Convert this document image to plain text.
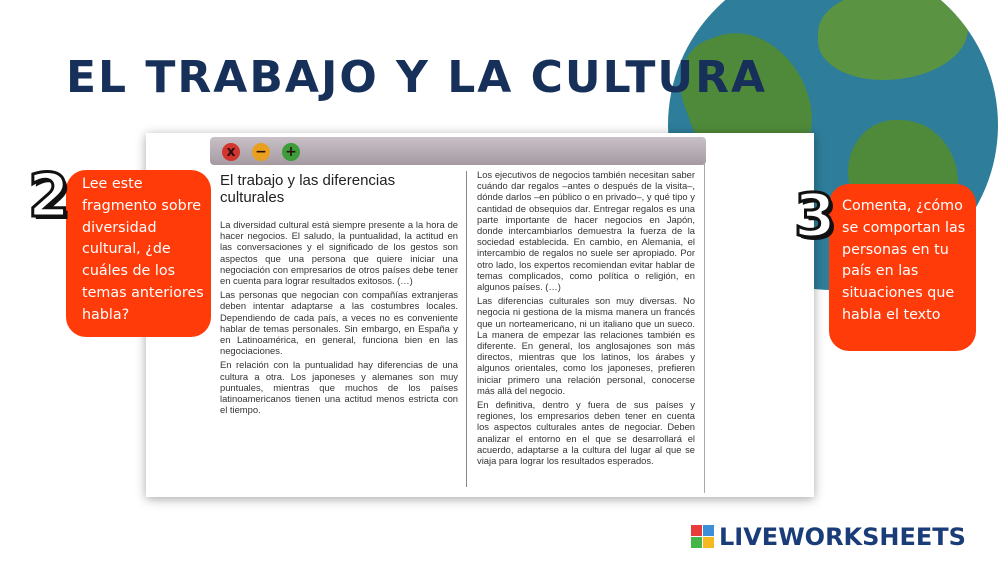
EL TRABAJO Y LA CULTURA
x	− +
El trabajo y las diferencias culturales

La diversidad cultural está siempre presente a la hora de hacer negocios. El saludo, la puntualidad, la actitud en las conversaciones y el significado de los gestos son aspectos que una persona que quiere iniciar una negociación con empresarios de otros países debe tener en cuenta para lograr resultados exitosos. (…)

Las personas que negocian con compañías extranjeras deben intentar adaptarse a las costumbres locales. Dependiendo de cada país, a veces no es conveniente hablar de temas personales. Sin embargo, en España y en Latinoamérica, en general, funciona bien en las negociaciones.

En relación con la puntualidad hay diferencias de una cultura a otra. Los japoneses y alemanes son muy puntuales, mientras que muchos de los países latinoamericanos tienen una actitud menos estricta con el tiempo.

Los ejecutivos de negocios también necesitan saber cuándo dar regalos –antes o después de la visita–, dónde darlos –en público o en privado–, y qué tipo y cantidad de obsequios dar. Entregar regalos es una parte importante de hacer negocios en Japón, donde intercambiarlos demuestra la fuerza de la sociedad establecida. En cambio, en Alemania, el intercambio de regalos no suele ser apropiado. Por otro lado, los expertos recomiendan evitar hablar de temas complicados, como política o religión, en algunos países. (…)

Las diferencias culturales son muy diversas. No negocia ni gestiona de la misma manera un francés que un norteamericano, ni un italiano que un sueco. La manera de empezar las relaciones también es diferente. En general, los anglosajones son más directos, mientras que los latinos, los árabes y algunos orientales, como los japoneses, prefieren iniciar primero una relación personal, conocerse más allá del negocio.

En definitiva, dentro y fuera de sus países y regiones, los empresarios deben tener en cuenta los aspectos culturales antes de negociar. Deben analizar el entorno en el que se desarrollará el acuerdo, adaptarse a la cultura del lugar al que se viaja para lograr los resultados esperados.

Lee este fragmento sobre diversidad cultural, ¿de cuáles de los temas anteriores habla?
2	Comenta, ¿cómo se comportan las personas en tu país en las situaciones que habla el texto
3
LIVEWORKSHEETS
